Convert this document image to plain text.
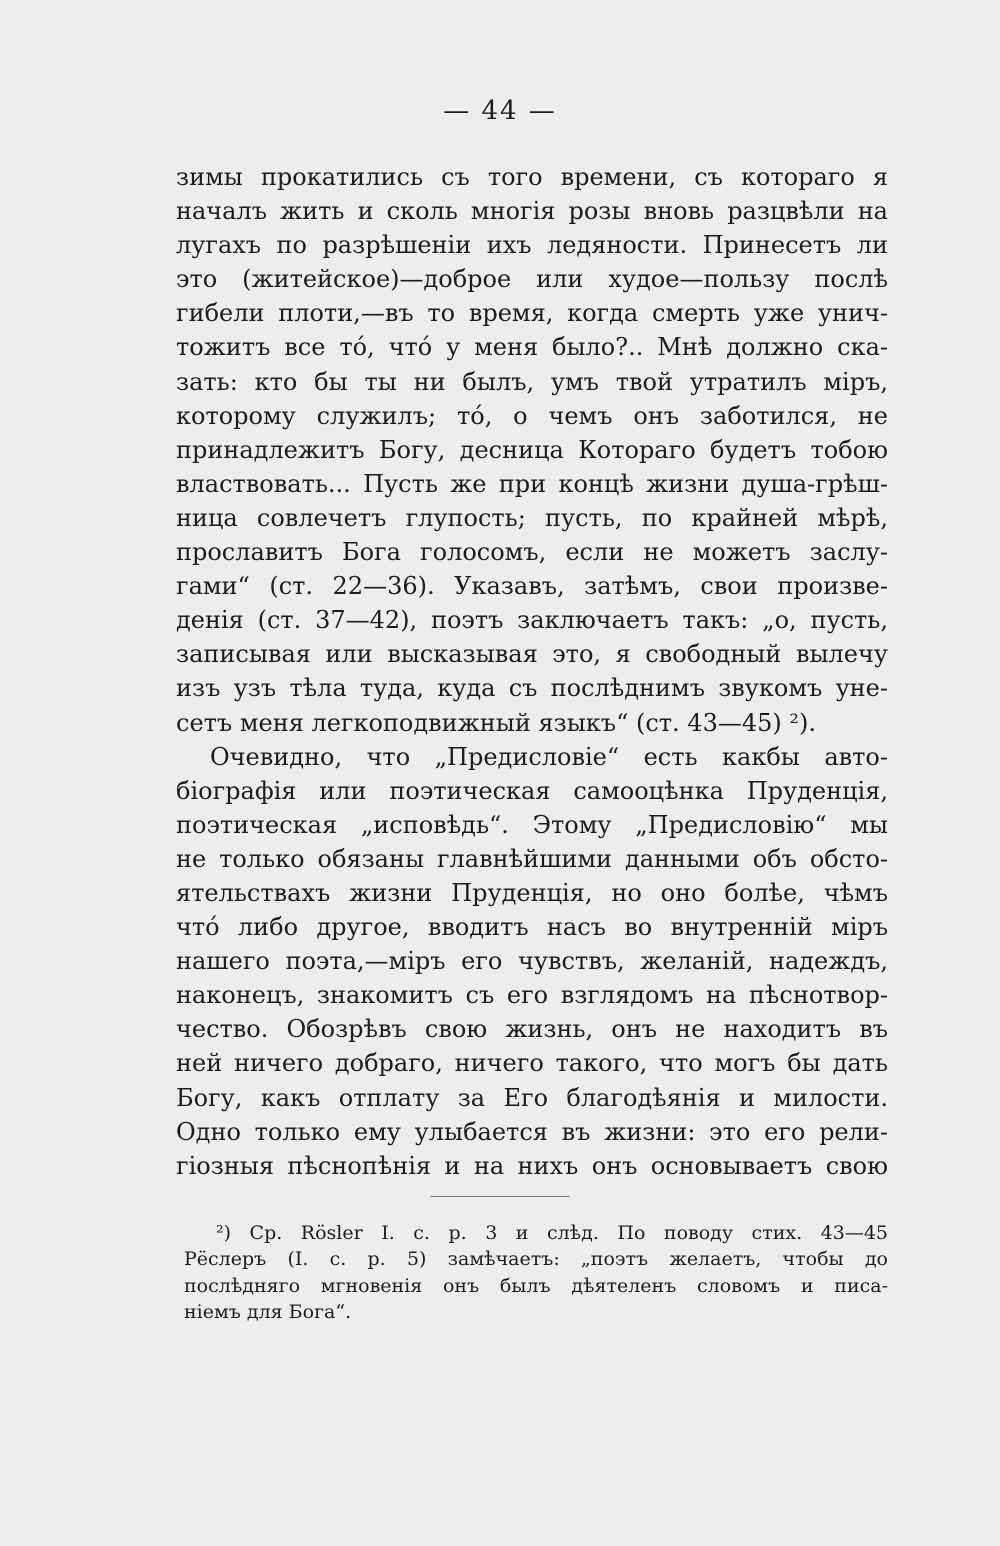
— 44 —
зимы прокатились съ того времени, съ котораго я
началъ жить и сколь многія розы вновь разцвѣли на
лугахъ по разрѣшеніи ихъ ледяности. Принесетъ ли
это (житейское)—доброе или худое—пользу послѣ
гибели плоти,—въ то время, когда смерть уже унич-
тожитъ все то́, что́ у меня было?.. Мнѣ должно ска-
зать: кто бы ты ни былъ, умъ твой утратилъ міръ,
которому служилъ; то́, о чемъ онъ заботился, не
принадлежитъ Богу, десница Котораго будетъ тобою
властвовать... Пусть же при концѣ жизни душа-грѣш-
ница совлечетъ глупость; пусть, по крайней мѣрѣ,
прославитъ Бога голосомъ, если не можетъ заслу-
гами“ (ст. 22—36). Указавъ, затѣмъ, свои произве-
денія (ст. 37—42), поэтъ заключаетъ такъ: „о, пусть,
записывая или высказывая это, я свободный вылечу
изъ узъ тѣла туда, куда съ послѣднимъ звукомъ уне-
сетъ меня легкоподвижный языкъ“ (ст. 43—45) ²).
Очевидно, что „Предисловіе“ есть какбы авто-
біографія или поэтическая самооцѣнка Пруденція,
поэтическая „исповѣдь“. Этому „Предисловію“ мы
не только обязаны главнѣйшими данными объ обсто-
ятельствахъ жизни Пруденція, но оно болѣе, чѣмъ
что́ либо другое, вводитъ насъ во внутренній міръ
нашего поэта,—міръ его чувствъ, желаній, надеждъ,
наконецъ, знакомитъ съ его взглядомъ на пѣснотвор-
чество. Обозрѣвъ свою жизнь, онъ не находитъ въ
ней ничего добраго, ничего такого, что могъ бы дать
Богу, какъ отплату за Его благодѣянія и милости.
Одно только ему улыбается въ жизни: это его рели-
гіозныя пѣснопѣнія и на нихъ онъ основываетъ свою
²) Ср. Rösler I. c. p. 3 и слѣд. По поводу стих. 43—45
Рёслеръ (I. c. p. 5) замѣчаетъ: „поэтъ желаетъ, чтобы до
послѣдняго мгновенія онъ былъ дѣятеленъ словомъ и писа-
ніемъ для Бога“.
